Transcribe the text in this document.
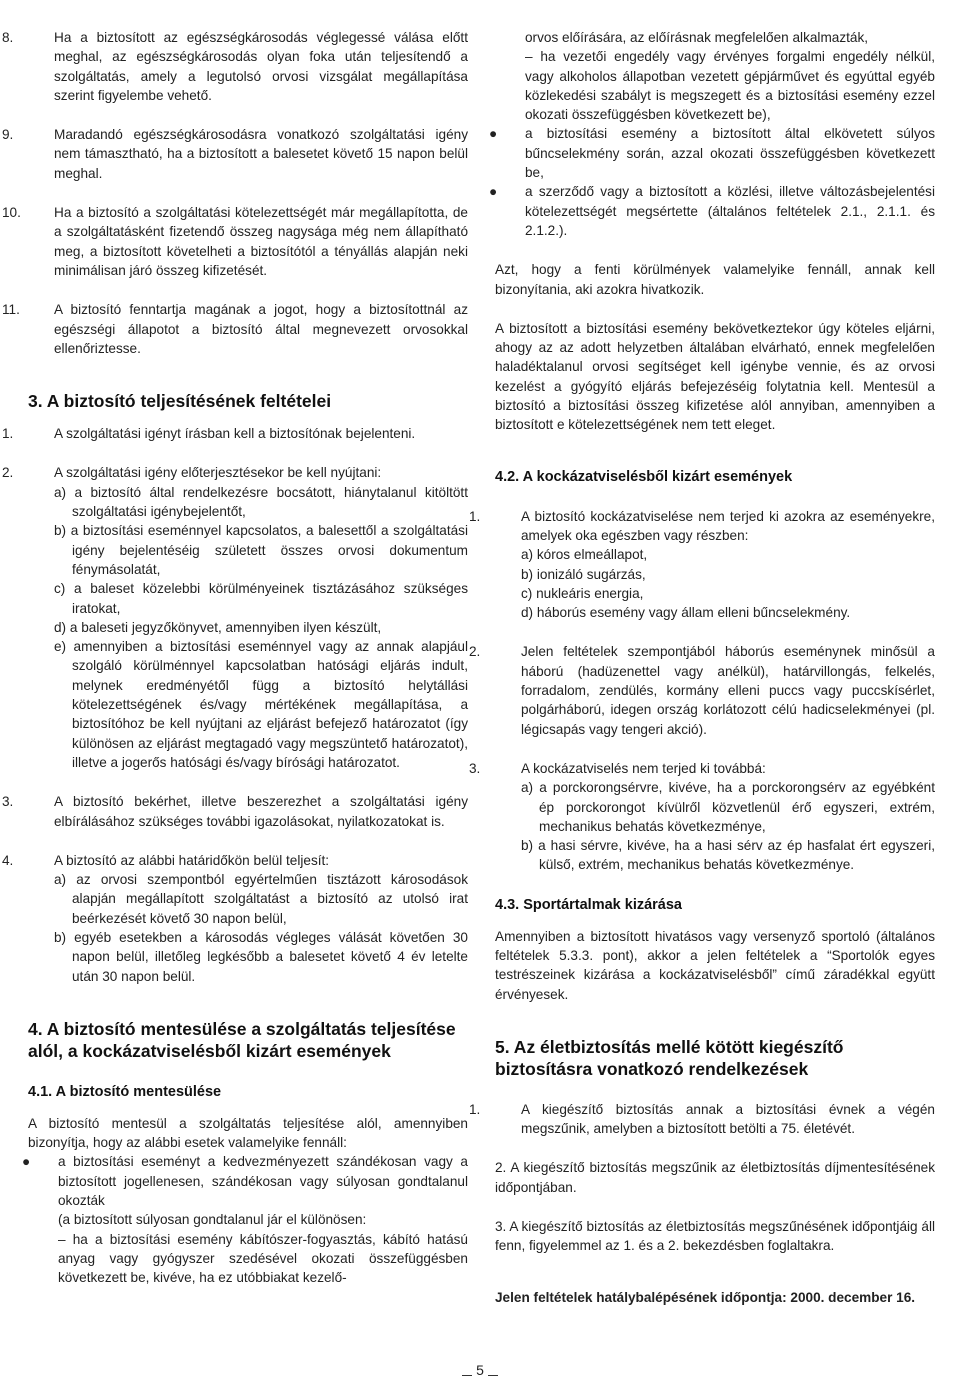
8.	Ha a biztosított az egészségkárosodás véglegessé válása előtt meghal, az egészségkárosodás olyan foka után teljesítendő a szolgáltatás, amely a legutolsó orvosi vizsgálat megállapítása szerint figyelembe vehető.

9.	Maradandó egészségkárosodásra vonatkozó szolgáltatási igény nem támasztható, ha a biztosított a balesetet követő 15 napon belül meghal.

10. Ha a biztosító a szolgáltatási kötelezettségét már megállapította, de a szolgáltatásként fizetendő összeg nagysága még nem állapítható meg, a biztosított követelheti a biztosítótól a tényállás alapján neki minimálisan járó összeg kifizetését.

11.	A biztosító fenntartja magának a jogot, hogy a biztosítottnál az egészségi állapotot a biztosító által megnevezett orvosokkal ellenőriztesse.

3. A biztosító teljesítésének feltételei

1.	A szolgáltatási igényt írásban kell a biztosítónak bejelenteni.

2.	A szolgáltatási igény előterjesztésekor be kell nyújtani:

a) a biztosító által rendelkezésre bocsátott, hiánytalanul kitöltött szolgáltatási igénybejelentőt,

b) a biztosítási eseménnyel kapcsolatos, a balesettől a szolgáltatási igény bejelentéséig született összes orvosi dokumentum fénymásolatát,

c) a baleset közelebbi körülményeinek tisztázásához szükséges iratokat,

d) a baleseti jegyzőkönyvet, amennyiben ilyen készült,

e) amennyiben a biztosítási eseménnyel vagy az annak alapjául szolgáló körülménnyel kapcsolatban hatósági eljárás indult, melynek eredményétől függ a biztosító helytállási kötelezettségének és/vagy mértékének megállapítása, a biztosítóhoz be kell nyújtani az eljárást befejező határozatot (így különösen az eljárást megtagadó vagy megszüntető határozatot), illetve a jogerős hatósági és/vagy bírósági határozatot.

3.	A biztosító bekérhet, illetve beszerezhet a szolgáltatási igény elbírálásához szükséges további igazolásokat, nyilatkozatokat is.

4.	A biztosító az alábbi határidőkön belül teljesít:

a) az orvosi szempontból egyértelműen tisztázott károsodások alapján megállapított szolgáltatást a biztosító az utolsó irat beérkezését követő 30 napon belül,

b) egyéb esetekben a károsodás végleges válását követően 30 napon belül, illetőleg legkésőbb a balesetet követő 4 év letelte után 30 napon belül.

4. A biztosító mentesülése a szolgáltatás teljesítése alól, a kockázatviselésből kizárt események
4.1. A biztosító mentesülése

A biztosító mentesül a szolgáltatás teljesítése alól, amennyiben bizonyítja, hogy az alábbi esetek valamelyike fennáll:

● a biztosítási eseményt a kedvezményezett szándékosan vagy a biztosított jogellenesen, szándékosan vagy súlyosan gondtalanul okozták

(a biztosított súlyosan gondtalanul jár el különösen:

– ha a biztosítási esemény kábítószer-fogyasztás, kábító hatású anyag vagy gyógyszer szedésével okozati összefüggésben következett be, kivéve, ha ez utóbbiakat kezelő-

orvos előírására, az előírásnak megfelelően alkalmazták,

– ha vezetői engedély vagy érvényes forgalmi engedély nélkül, vagy alkoholos állapotban vezetett gépjárművet és egyúttal egyéb közlekedési szabályt is megszegett és a biztosítási esemény ezzel okozati összefüggésben következett be),

● a biztosítási esemény a biztosított által elkövetett súlyos bűncselekmény során, azzal okozati összefüggésben következett be,

● a szerződő vagy a biztosított a közlési, illetve változásbejelentési kötelezettségét megsértette (általános feltételek 2.1., 2.1.1. és 2.1.2.).

Azt, hogy a fenti körülmények valamelyike fennáll, annak kell bizonyítania, aki azokra hivatkozik.

A biztosított a biztosítási esemény bekövetkeztekor úgy köteles eljárni, ahogy az az adott helyzetben általában elvárható, ennek megfelelően haladéktalanul orvosi segítséget kell igénybe vennie, és az orvosi kezelést a gyógyító eljárás befejezéséig folytatnia kell. Mentesül a biztosító a biztosítási összeg kifizetése alól annyiban, amennyiben a biztosított e kötelezettségének nem tett eleget.

4.2. A kockázatviselésből kizárt események

1.	A biztosító kockázatviselése nem terjed ki azokra az eseményekre, amelyek oka egészben vagy részben:

a) kóros elmeállapot,

b) ionizáló sugárzás,

c) nukleáris energia,

d) háborús esemény vagy állam elleni bűncselekmény.

2.	Jelen feltételek szempontjából háborús eseménynek minősül a háború (hadüzenettel vagy anélkül), határvillongás, felkelés, forradalom, zendülés, kormány elleni puccs vagy puccskísérlet, polgárháború, idegen ország korlátozott célú hadicselekményei (pl. légicsapás vagy tengeri akció).

3.	A kockázatviselés nem terjed ki továbbá:

a) a porckorongsérvre, kivéve, ha a porckorongsérv az egyébként ép porckorongot kívülről közvetlenül érő egyszeri, extrém, mechanikus behatás következménye,

b) a hasi sérvre, kivéve, ha a hasi sérv az ép hasfalat ért egyszeri, külső, extrém, mechanikus behatás következménye.

4.3. Sportártalmak kizárása

Amennyiben a biztosított hivatásos vagy versenyző sportoló (általános feltételek 5.3.3. pont), akkor a jelen feltételek a “Sportolók egyes testrészeinek kizárása a kockázatviselésből” című záradékkal együtt érvényesek.

5. Az életbiztosítás mellé kötött kiegészítő biztosításra vonatkozó rendelkezések

1.	A kiegészítő biztosítás annak a biztosítási évnek a végén megszűnik, amelyben a biztosított betölti a 75. életévét.

2. A kiegészítő biztosítás megszűnik az életbiztosítás díjmentesítésének időpontjában.

3. A kiegészítő biztosítás az életbiztosítás megszűnésének időpontjáig áll fenn, figyelemmel az 1. és a 2. bekezdésben foglaltakra.

Jelen feltételek hatálybalépésének időpontja: 2000. december 16.

5
